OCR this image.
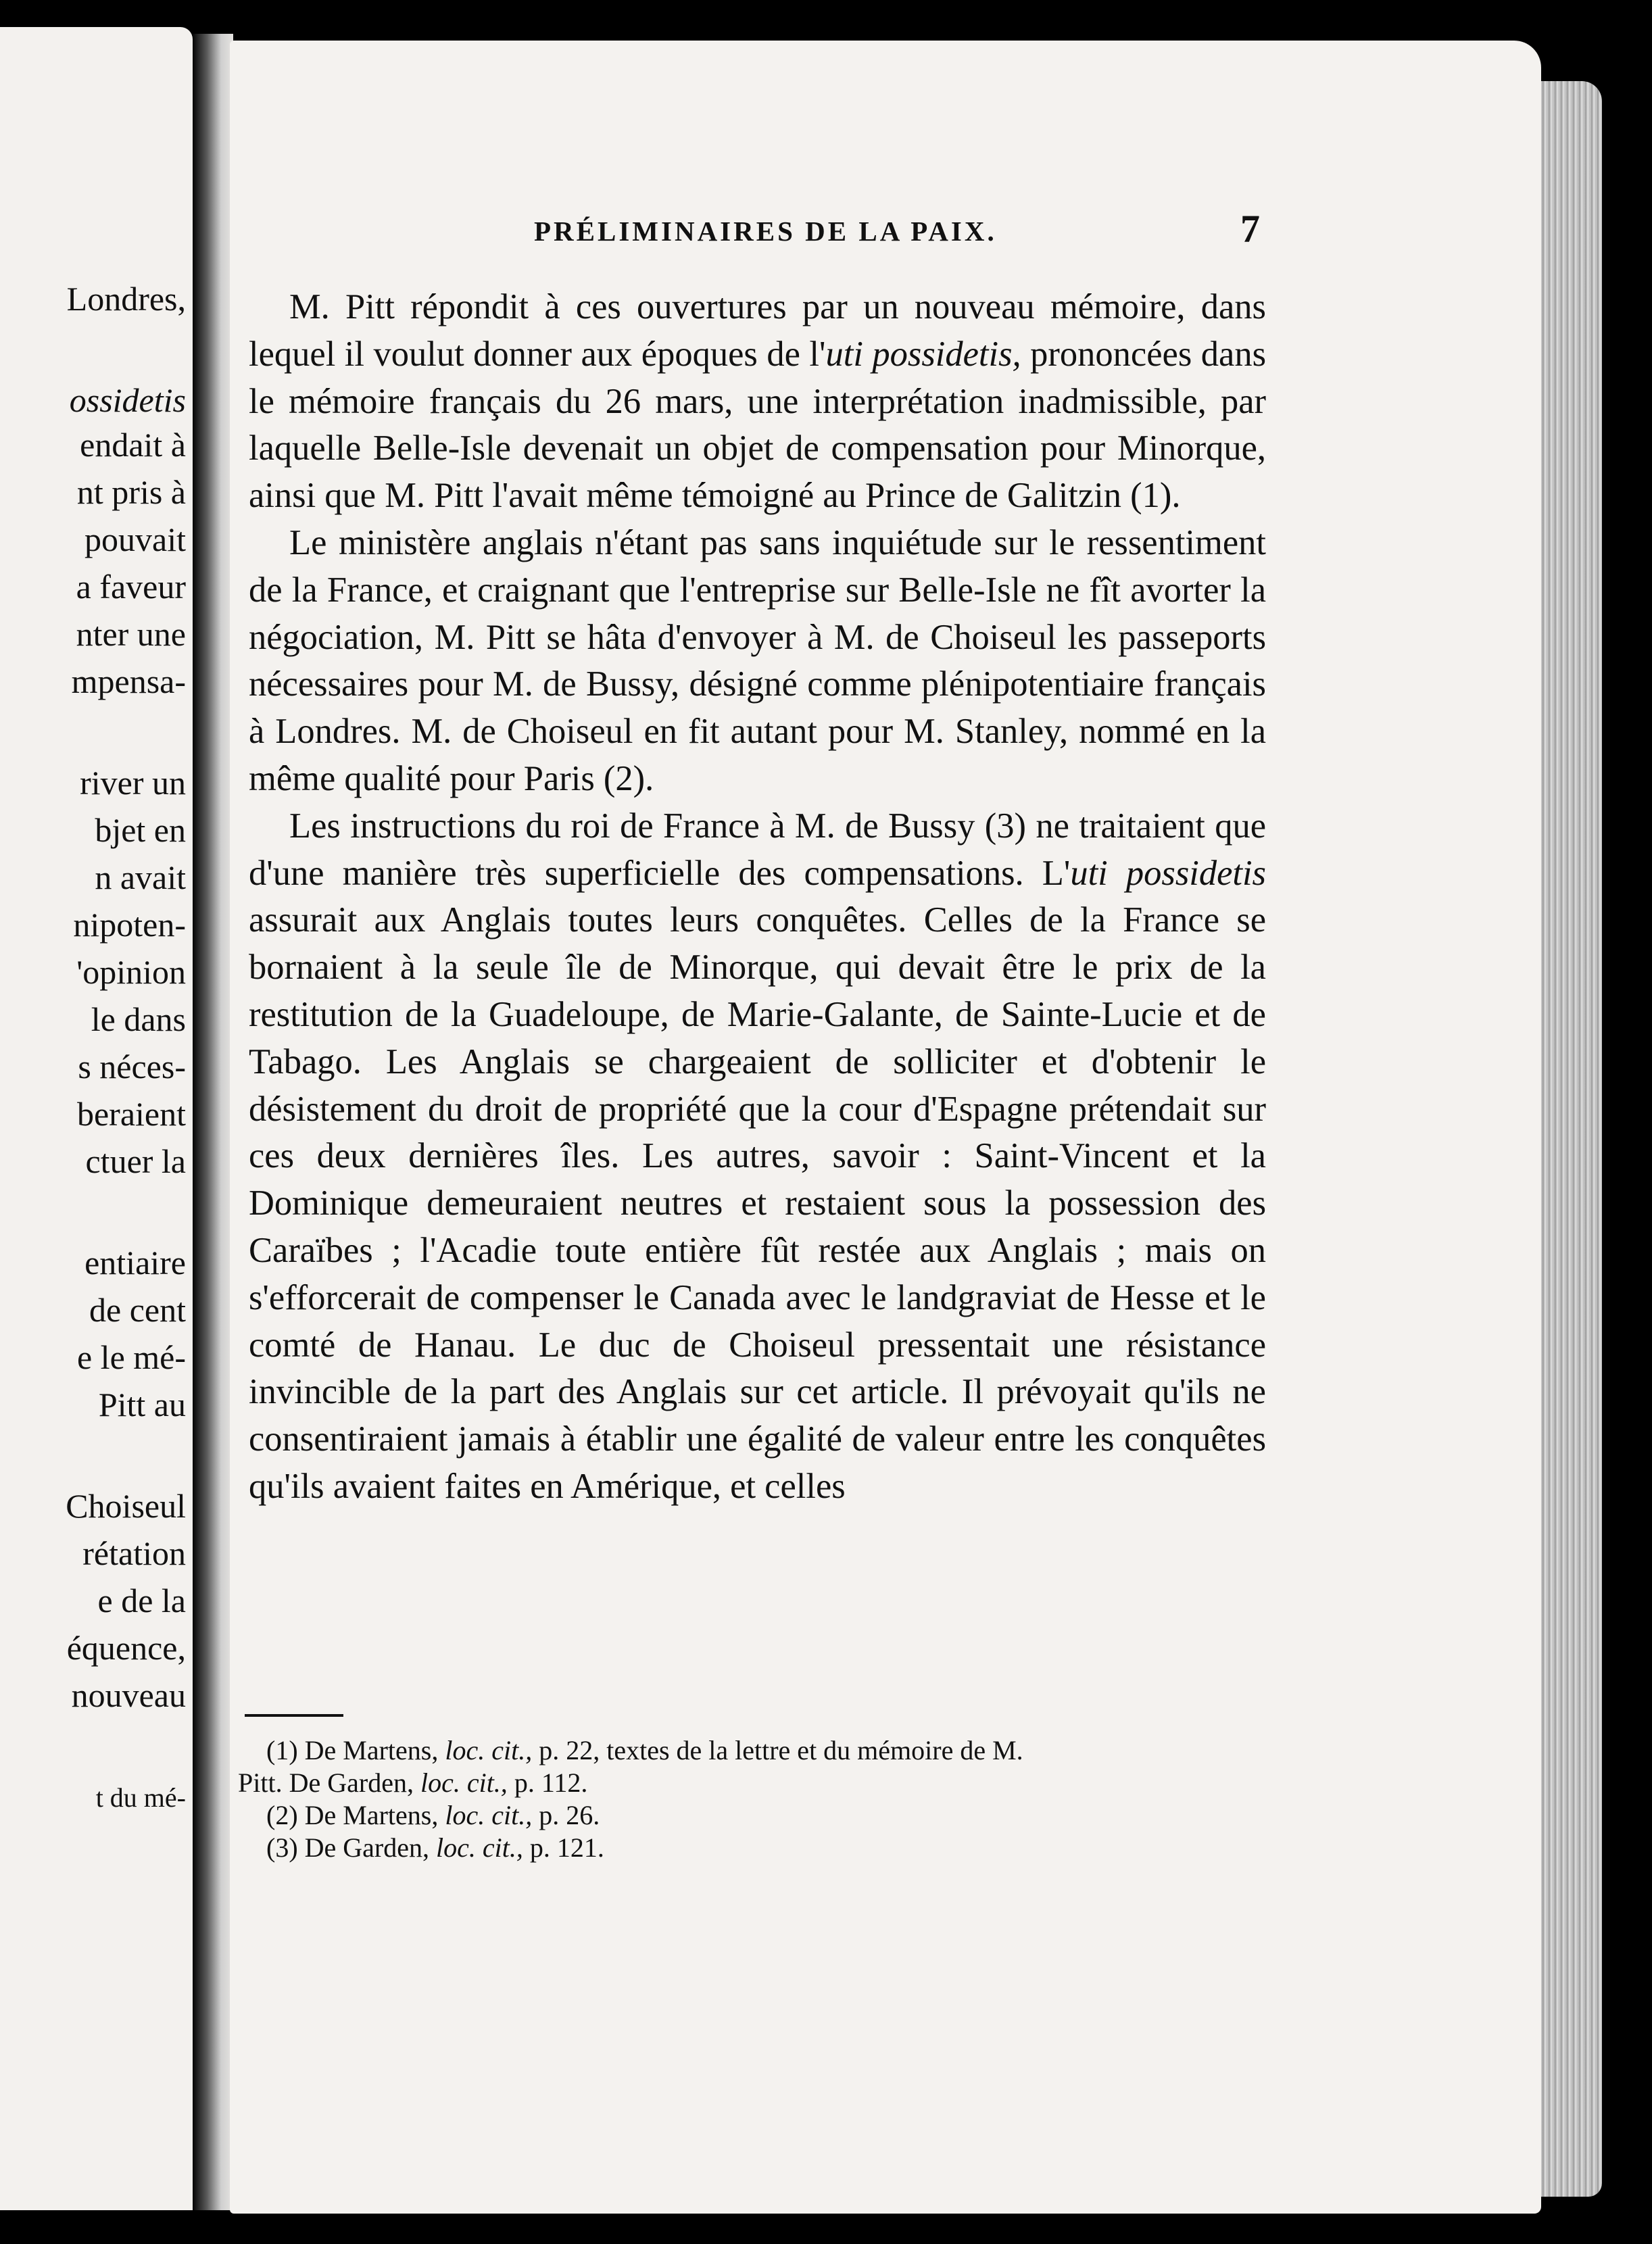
Londres,
ossidetis
endait à
nt pris à
pouvait
a faveur
nter une
mpensa-
river un
bjet en
n avait
nipoten-
'opinion
le dans
s néces-
beraient
ctuer la
entiaire
de cent
e le mé-
Pitt au
Choiseul
rétation
e de la
équence,
nouveau
t du mé-
PRÉLIMINAIRES DE LA PAIX.	7

M. Pitt répondit à ces ouvertures par un nouveau mémoire, dans lequel il voulut donner aux époques de l'uti possidetis, prononcées dans le mémoire français du 26 mars, une interprétation inadmissible, par laquelle Belle-Isle devenait un objet de compensation pour Minorque, ainsi que M. Pitt l'avait même témoigné au Prince de Galitzin (1).

Le ministère anglais n'étant pas sans inquiétude sur le ressentiment de la France, et craignant que l'entreprise sur Belle-Isle ne fît avorter la négociation, M. Pitt se hâta d'envoyer à M. de Choiseul les passeports nécessaires pour M. de Bussy, désigné comme plénipotentiaire français à Londres. M. de Choiseul en fit autant pour M. Stanley, nommé en la même qualité pour Paris (2).

Les instructions du roi de France à M. de Bussy (3) ne traitaient que d'une manière très superficielle des compensations. L'uti possidetis assurait aux Anglais toutes leurs conquêtes. Celles de la France se bornaient à la seule île de Minorque, qui devait être le prix de la restitution de la Guadeloupe, de Marie-Galante, de Sainte-Lucie et de Tabago. Les Anglais se chargeaient de solliciter et d'obtenir le désistement du droit de propriété que la cour d'Espagne prétendait sur ces deux dernières îles. Les autres, savoir : Saint-Vincent et la Dominique demeuraient neutres et restaient sous la possession des Caraïbes ; l'Acadie toute entière fût restée aux Anglais ; mais on s'efforcerait de compenser le Canada avec le landgraviat de Hesse et le comté de Hanau. Le duc de Choiseul pressentait une résistance invincible de la part des Anglais sur cet article. Il prévoyait qu'ils ne consentiraient jamais à établir une égalité de valeur entre les conquêtes qu'ils avaient faites en Amérique, et celles

(1) De Martens, loc. cit., p. 22, textes de la lettre et du mémoire de M.

Pitt. De Garden, loc. cit., p. 112.

(2) De Martens, loc. cit., p. 26.

(3) De Garden, loc. cit., p. 121.
